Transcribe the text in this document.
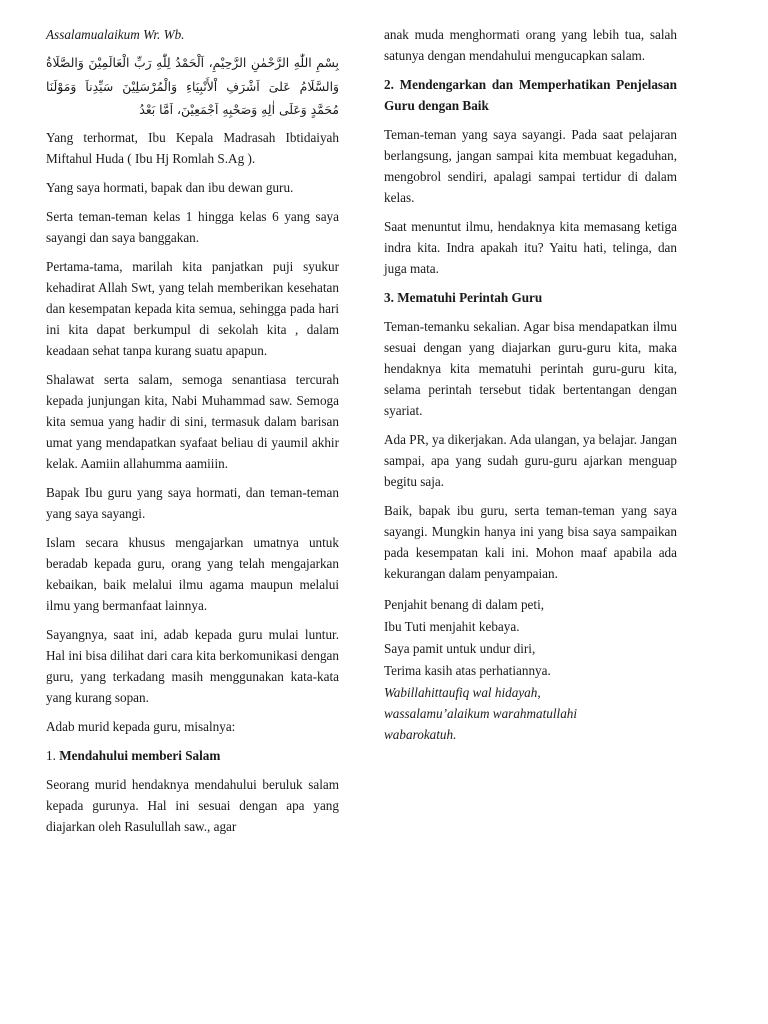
Assalamualaikum Wr. Wb.

بِسْمِ اللّٰهِ الرَّحْمٰنِ الرَّحِيْمِ، اَلْحَمْدُ لِلّٰهِ رَبِّ الْعَالَمِيْنَ وَالصَّلَاةُ وَالسَّلَامُ عَلىَ اَشْرَفِ اْلأَنْبِيَاءِ وَالْمُرْسَلِيْنَ سَيِّدِناَ وَمَوْلَنَا مُحَمَّدٍ وَعَلَى اٰلِهِ وَصَحْبِهِ اَجْمَعِيْنَ، اَمَّا بَعْدُ

Yang terhormat, Ibu Kepala Madrasah Ibtidaiyah Miftahul Huda ( Ibu Hj Romlah S.Ag ).

Yang saya hormati, bapak dan ibu dewan guru.

Serta teman-teman kelas 1 hingga kelas 6 yang saya sayangi dan saya banggakan.

Pertama-tama, marilah kita panjatkan puji syukur kehadirat Allah Swt, yang telah memberikan kesehatan dan kesempatan kepada kita semua, sehingga pada hari ini kita dapat berkumpul di sekolah kita , dalam keadaan sehat tanpa kurang suatu apapun.

Shalawat serta salam, semoga senantiasa tercurah kepada junjungan kita, Nabi Muhammad saw. Semoga kita semua yang hadir di sini, termasuk dalam barisan umat yang mendapatkan syafaat beliau di yaumil akhir kelak. Aamiin allahumma aamiiin.

Bapak Ibu guru yang saya hormati, dan teman-teman yang saya sayangi.

Islam secara khusus mengajarkan umatnya untuk beradab kepada guru, orang yang telah mengajarkan kebaikan, baik melalui ilmu agama maupun melalui ilmu yang bermanfaat lainnya.

Sayangnya, saat ini, adab kepada guru mulai luntur. Hal ini bisa dilihat dari cara kita berkomunikasi dengan guru, yang terkadang masih menggunakan kata-kata yang kurang sopan.

Adab murid kepada guru, misalnya:

1. Mendahului memberi Salam

Seorang murid hendaknya mendahului beruluk salam kepada gurunya. Hal ini sesuai dengan apa yang diajarkan oleh Rasulullah saw., agar

anak muda menghormati orang yang lebih tua, salah satunya dengan mendahului mengucapkan salam.

2. Mendengarkan dan Memperhatikan Penjelasan Guru dengan Baik

Teman-teman yang saya sayangi. Pada saat pelajaran berlangsung, jangan sampai kita membuat kegaduhan, mengobrol sendiri, apalagi sampai tertidur di dalam kelas.

Saat menuntut ilmu, hendaknya kita memasang ketiga indra kita. Indra apakah itu? Yaitu hati, telinga, dan juga mata.

3. Mematuhi Perintah Guru

Teman-temanku sekalian. Agar bisa mendapatkan ilmu sesuai dengan yang diajarkan guru-guru kita, maka hendaknya kita mematuhi perintah guru-guru kita, selama perintah tersebut tidak bertentangan dengan syariat.

Ada PR, ya dikerjakan. Ada ulangan, ya belajar. Jangan sampai, apa yang sudah guru-guru ajarkan menguap begitu saja.

Baik, bapak ibu guru, serta teman-teman yang saya sayangi. Mungkin hanya ini yang bisa saya sampaikan pada kesempatan kali ini. Mohon maaf apabila ada kekurangan dalam penyampaian.

Penjahit benang di dalam peti,

Ibu Tuti menjahit kebaya.

Saya pamit untuk undur diri,

Terima kasih atas perhatiannya.

Wabillahittaufiq wal hidayah,

wassalamu’alaikum warahmatullahi

wabarokatuh.
